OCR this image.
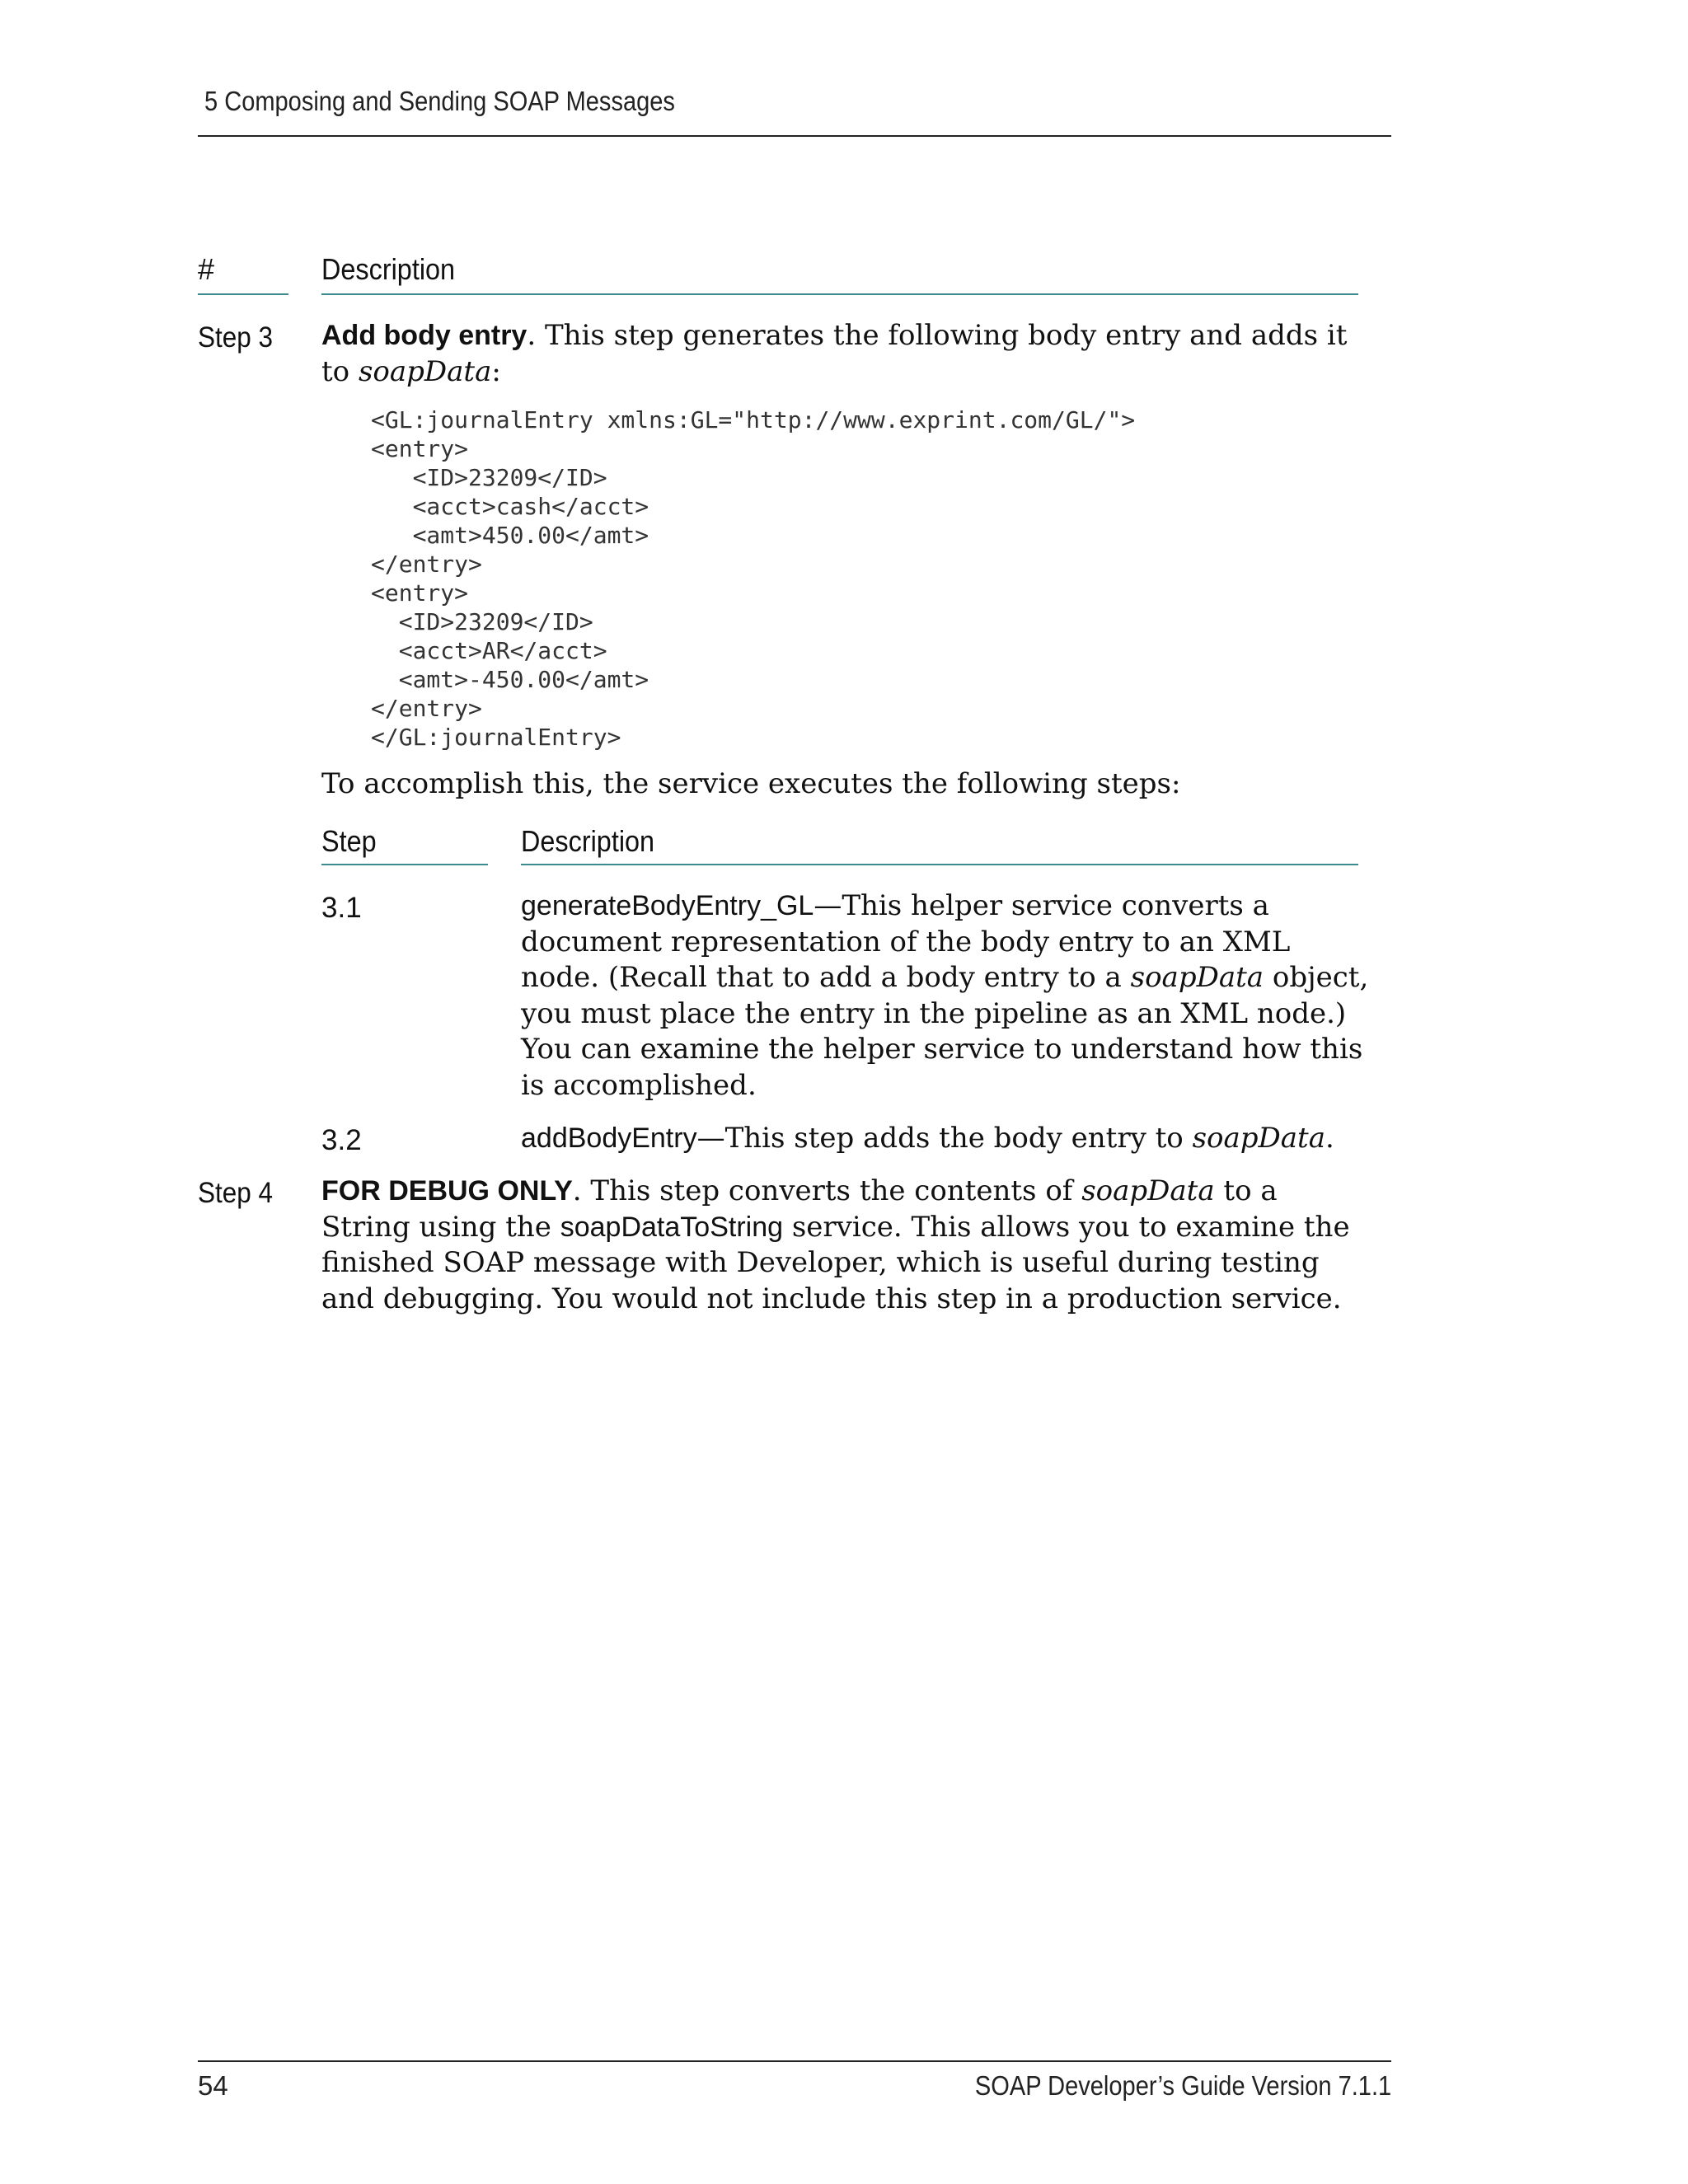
5 Composing and Sending SOAP Messages
#	Description
Step 3 Add body entry. This step generates the following body entry and adds it to soapData:
<GL:journalEntry xmlns:GL="http://www.exprint.com/GL/">
<entry>
<ID>23209</ID>
<acct>cash</acct>
<amt>450.00</amt>
</entry>
<entry>
<ID>23209</ID>
<acct>AR</acct>
<amt>-450.00</amt>
</entry>
</GL:journalEntry>
To accomplish this, the service executes the following steps:
Step	Description
3.1	generateBodyEntry_GL—This helper service converts a document representation of the body entry to an XML node. (Recall that to add a body entry to a soapData object, you must place the entry in the pipeline as an XML node.) You can examine the helper service to understand how this is accomplished.
3.2	addBodyEntry—This step adds the body entry to soapData.
Step 4 FOR DEBUG ONLY. This step converts the contents of soapData to a String using the soapDataToString service. This allows you to examine the finished SOAP message with Developer, which is useful during testing and debugging. You would not include this step in a production service.
54	SOAP Developer’s Guide Version 7.1.1
